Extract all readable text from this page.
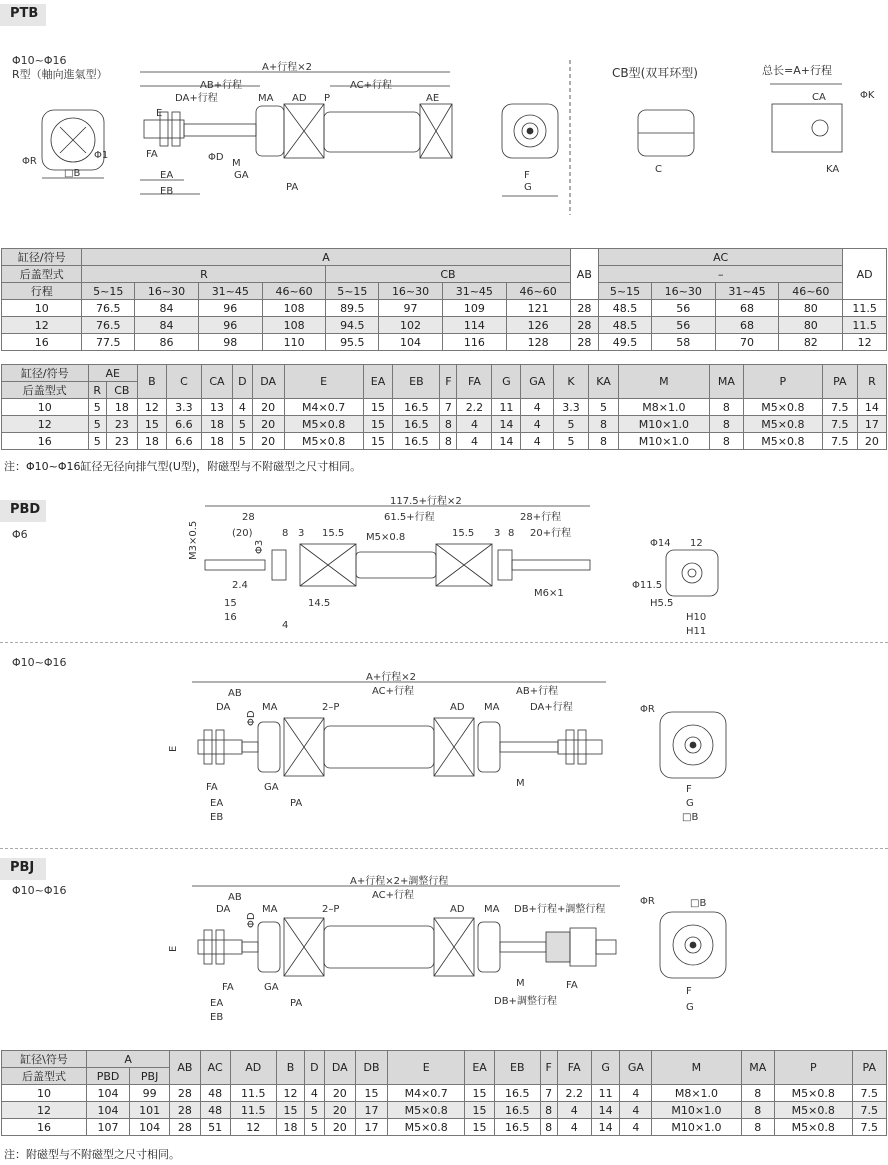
PTB
Φ10~Φ16
R型（軸向進氣型）	CB型(双耳环型)	总长=A+行程
A+行程×2
AB+行程
DA+行程	MA AD P
AC+行程
AE
E
FA	ΦD
M
GA
EA
EB	PA
ΦR
□B
Φ1
F
G
C
CA	ΦK
KA
缸径/符号	A								AB	AC				AD
后盖型式	R				CB					–				
行程	5~15	16~30	31~45	46~60	5~15	16~30	31~45	46~60		5~15	16~30	31~45	46~60	
10	76.5	84	96	108	89.5	97	109	121	28	48.5	56	68	80	11.5
12	76.5	84	96	108	94.5	102	114	126	28	48.5	56	68	80	11.5
16	77.5	86	98	110	95.5	104	116	128	28	49.5	58	70	82	12
缸径/符号	AE		B	C	CA	D	DA	E	EA	EB	F	FA	G	GA	K	KA	M	MA	P	PA	R
后盖型式	R	CB																			
10	5	18	12	3.3	13	4	20	M4×0.7	15	16.5	7	2.2	11	4	3.3	5	M8×1.0	8	M5×0.8	7.5	14
12	5	23	15	6.6	18	5	20	M5×0.8	15	16.5	8	4	14	4	5	8	M10×1.0	8	M5×0.8	7.5	17
16	5	23	18	6.6	18	5	20	M5×0.8	15	16.5	8	4	14	4	5	8	M10×1.0	8	M5×0.8	7.5	20
注：Φ10~Φ16缸径无径向排气型(U型)，附磁型与不附磁型之尺寸相同。
PBD
Φ6
Φ10~Φ16
117.5+行程×2
28	61.5+行程	28+行程
(20)	8 3 15.5 M5×0.8	15.5 3 8 20+行程
M3×0.5	Φ3
2.4
15
16
14.5
4
M6×1
Φ14 12
Φ11.5
H5.5
H10
H11
A+行程×2
AB	AC+行程	AB+行程
DA	MA
ΦD
2–P	AD MA	DA+行程
E
FA	GA
EA
EB
PA
M
ΦR
F
G
□B
PBJ
Φ10~Φ16
A+行程×2+調整行程
AB	AC+行程
DA	MA
ΦD
2–P	AD MA DB+行程+調整行程
E
FA	GA
EA
EB
PA
M
DB+調整行程
FA
ΦR	□B
F
G
缸径\符号	A		AB	AC	AD	B	D	DA	DB	E	EA	EB	F	FA	G	GA	M	MA	P	PA
后盖型式	PBD	PBJ																		
10	104	99	28	48	11.5	12	4	20	15	M4×0.7	15	16.5	7	2.2	11	4	M8×1.0	8	M5×0.8	7.5
12	104	101	28	48	11.5	15	5	20	17	M5×0.8	15	16.5	8	4	14	4	M10×1.0	8	M5×0.8	7.5
16	107	104	28	51	12	18	5	20	17	M5×0.8	15	16.5	8	4	14	4	M10×1.0	8	M5×0.8	7.5
注：附磁型与不附磁型之尺寸相同。
